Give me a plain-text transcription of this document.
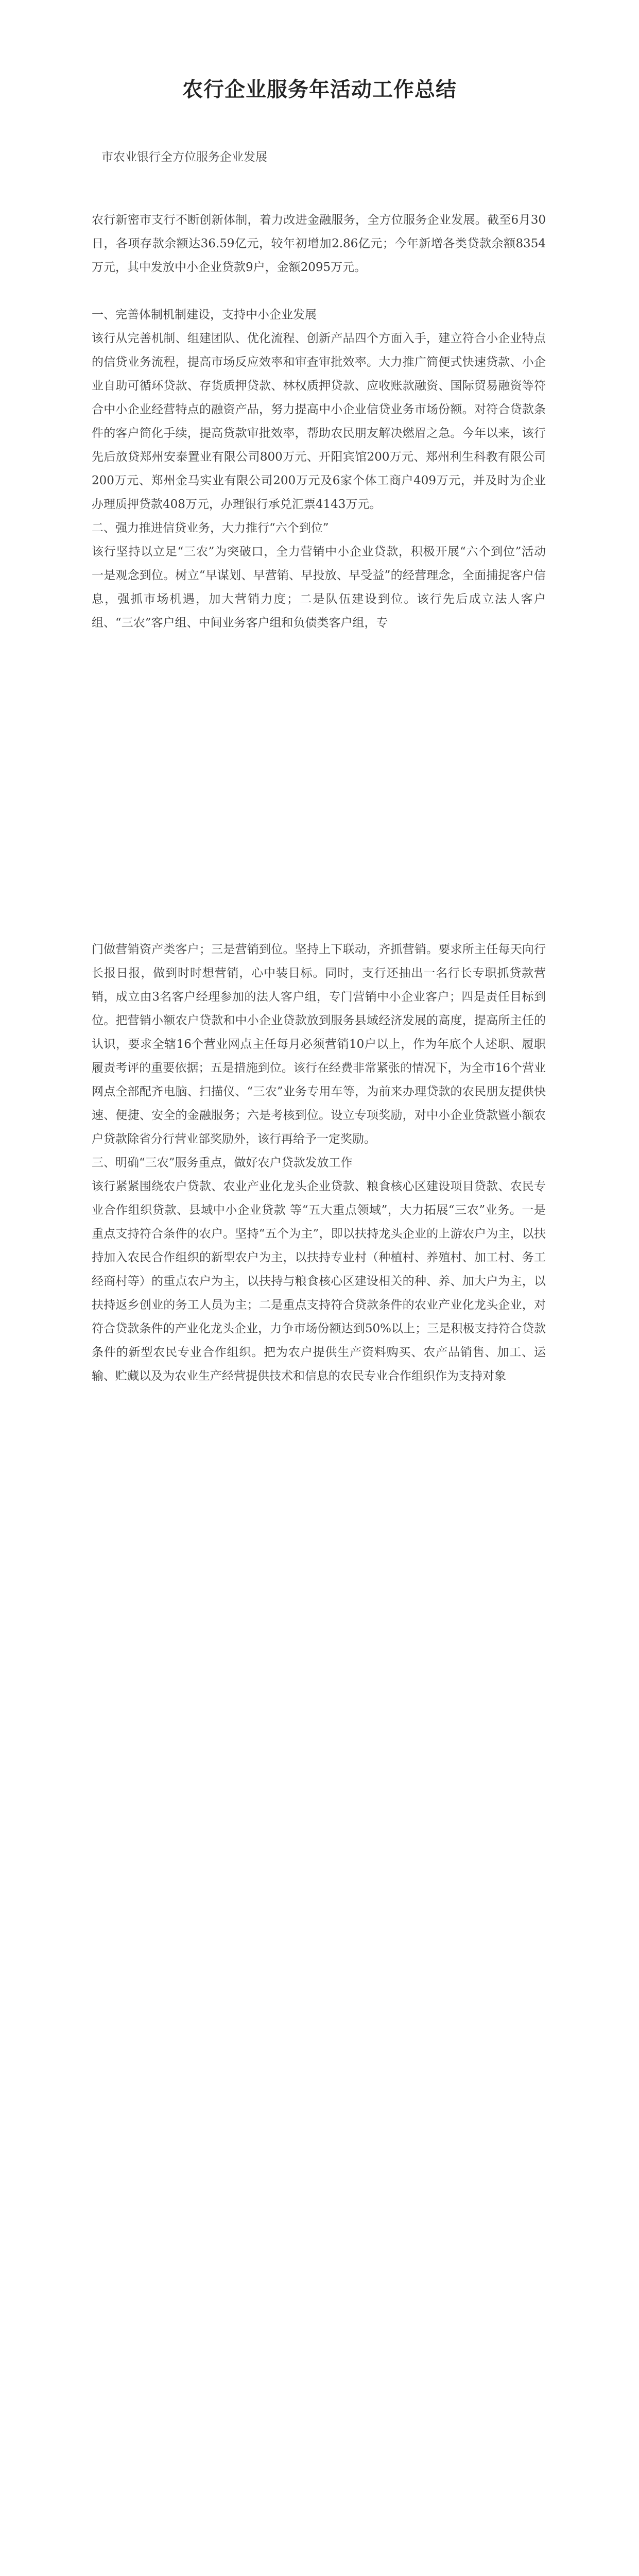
农行企业服务年活动工作总结
市农业银行全方位服务企业发展

农行新密市支行不断创新体制，着力改进金融服务，全方位服务企业发展。截至6月30日，各项存款余额达36.59亿元，较年初增加2.86亿元；今年新增各类贷款余额8354万元，其中发放中小企业贷款9户，金额2095万元。

一、完善体制机制建设，支持中小企业发展
该行从完善机制、组建团队、优化流程、创新产品四个方面入手，建立符合小企业特点的信贷业务流程，提高市场反应效率和审查审批效率。大力推广简便式快速贷款、小企业自助可循环贷款、存货质押贷款、林权质押贷款、应收账款融资、国际贸易融资等符合中小企业经营特点的融资产品，努力提高中小企业信贷业务市场份额。对符合贷款条件的客户简化手续，提高贷款审批效率，帮助农民朋友解决燃眉之急。今年以来，该行先后放贷郑州安泰置业有限公司800万元、开阳宾馆200万元、郑州利生科教有限公司200万元、郑州金马实业有限公司200万元及6家个体工商户409万元，并及时为企业办理质押贷款408万元，办理银行承兑汇票4143万元。
二、强力推进信贷业务，大力推行“六个到位”
该行坚持以立足“三农”为突破口，全力营销中小企业贷款，积极开展“六个到位”活动 一是观念到位。树立“早谋划、早营销、早投放、早受益”的经营理念，全面捕捉客户信息，强抓市场机遇，加大营销力度；二是队伍建设到位。该行先后成立法人客户组、“三农”客户组、中间业务客户组和负债类客户组，专
门做营销资产类客户；三是营销到位。坚持上下联动，齐抓营销。要求所主任每天向行长报日报，做到时时想营销，心中装目标。同时，支行还抽出一名行长专职抓贷款营销，成立由3名客户经理参加的法人客户组，专门营销中小企业客户；四是责任目标到位。把营销小额农户贷款和中小企业贷款放到服务县域经济发展的高度，提高所主任的认识，要求全辖16个营业网点主任每月必须营销10户以上，作为年底个人述职、履职履责考评的重要依据；五是措施到位。该行在经费非常紧张的情况下，为全市16个营业网点全部配齐电脑、扫描仪、“三农”业务专用车等，为前来办理贷款的农民朋友提供快速、便捷、安全的金融服务；六是考核到位。设立专项奖励，对中小企业贷款暨小额农户贷款除省分行营业部奖励外，该行再给予一定奖励。
三、明确“三农”服务重点，做好农户贷款发放工作
该行紧紧围绕农户贷款、农业产业化龙头企业贷款、粮食核心区建设项目贷款、农民专业合作组织贷款、县域中小企业贷款 等“五大重点领域”，大力拓展“三农”业务。一是重点支持符合条件的农户。坚持“五个为主”，即以扶持龙头企业的上游农户为主，以扶持加入农民合作组织的新型农户为主，以扶持专业村（种植村、养殖村、加工村、务工经商村等）的重点农户为主，以扶持与粮食核心区建设相关的种、养、加大户为主，以扶持返乡创业的务工人员为主；二是重点支持符合贷款条件的农业产业化龙头企业，对符合贷款条件的产业化龙头企业，力争市场份额达到50%以上；三是积极支持符合贷款条件的新型农民专业合作组织。把为农户提供生产资料购买、农产品销售、加工、运输、贮藏以及为农业生产经营提供技术和信息的农民专业合作组织作为支持对象
